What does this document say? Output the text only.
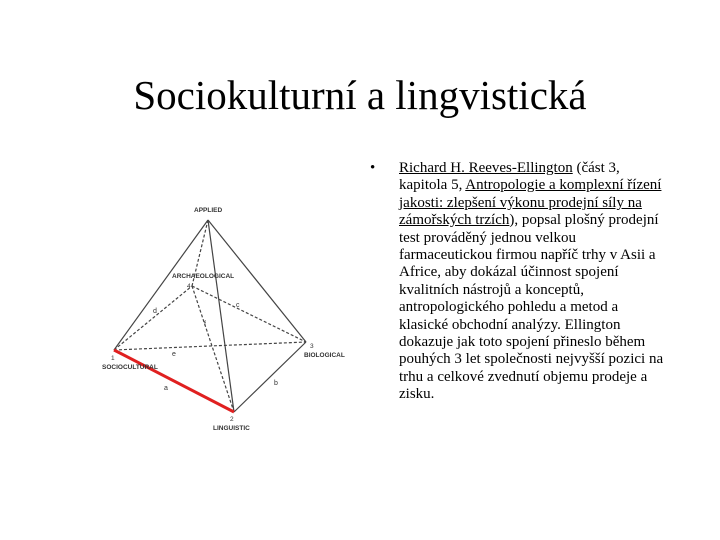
Sociokulturní a lingvistická
APPLIED
ARCHAEOLOGICAL
4
1
SOCIOCULTURAL
3
BIOLOGICAL
2
LINGUISTIC
a
b
c
d
e
f
• Richard H. Reeves-Ellington (část 3, kapitola 5, Antropologie a komplexní řízení jakosti: zlepšení výkonu prodejní síly na zámořských trzích), popsal plošný prodejní test prováděný jednou velkou farmaceutickou firmou napříč trhy v Asii a Africe, aby dokázal účinnost spojení kvalitních nástrojů a konceptů, antropologického pohledu a metod a klasické obchodní analýzy. Ellington dokazuje jak toto spojení přineslo během pouhých 3 let společnosti nejvyšší pozici na trhu a celkové zvednutí objemu prodeje a zisku.
